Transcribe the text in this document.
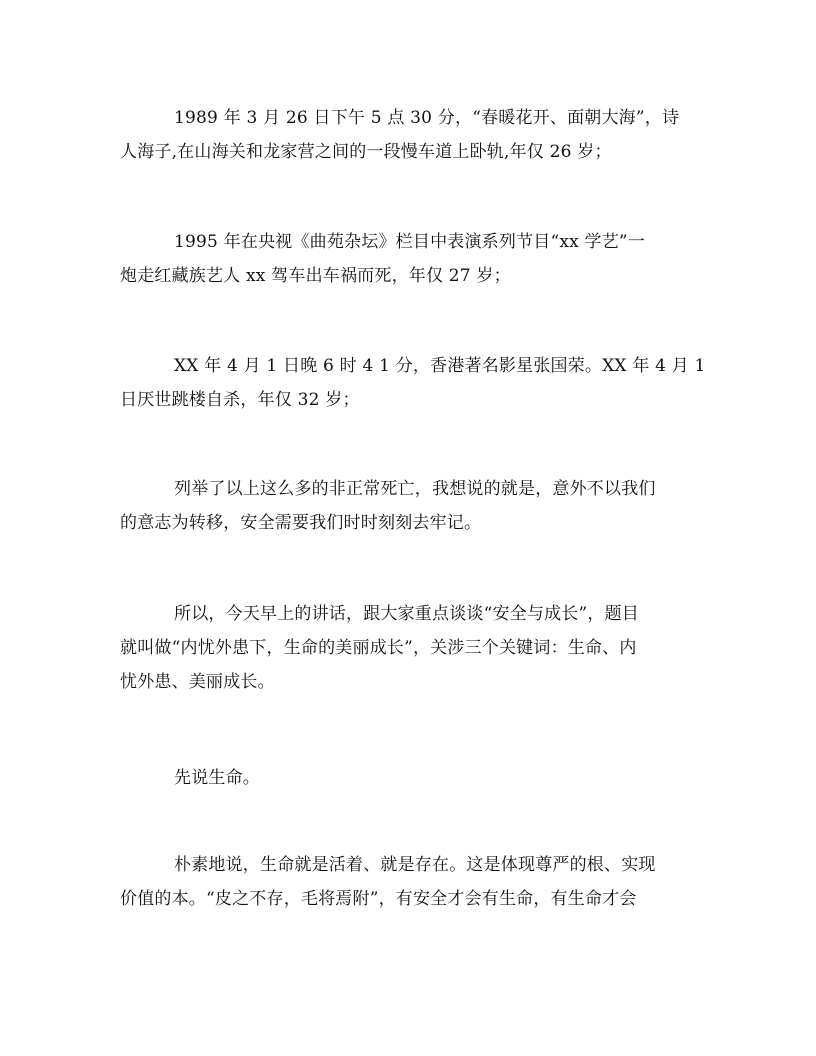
1989 年 3 月 26 日下午 5 点 30 分，“春暖花开、面朝大海”，诗
人海子,在山海关和龙家营之间的一段慢车道上卧轨,年仅 26 岁；
1995 年在央视《曲苑杂坛》栏目中表演系列节目“xx 学艺”一
炮走红藏族艺人 xx 驾车出车祸而死，年仅 27 岁；
XX 年 4 月 1 日晚 6 时 4 1 分，香港著名影星张国荣。XX 年 4 月 1
日厌世跳楼自杀，年仅 32 岁；
列举了以上这么多的非正常死亡，我想说的就是，意外不以我们
的意志为转移，安全需要我们时时刻刻去牢记。
所以，今天早上的讲话，跟大家重点谈谈“安全与成长”，题目
就叫做“内忧外患下，生命的美丽成长”，关涉三个关键词：生命、内
忧外患、美丽成长。
先说生命。
朴素地说，生命就是活着、就是存在。这是体现尊严的根、实现
价值的本。“皮之不存，毛将焉附”，有安全才会有生命，有生命才会
